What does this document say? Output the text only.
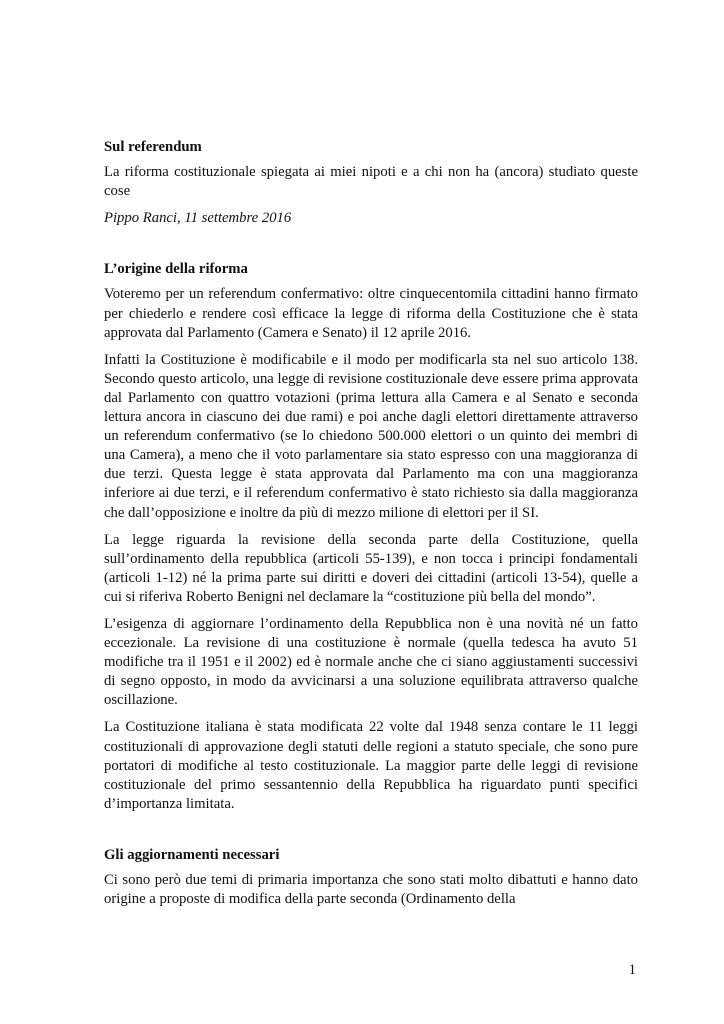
Sul referendum

La riforma costituzionale spiegata ai miei nipoti e a chi non ha (ancora) studiato queste cose

Pippo Ranci, 11 settembre 2016

L’origine della riforma

Voteremo per un referendum confermativo: oltre cinquecentomila cittadini hanno firmato per chiederlo e rendere così efficace la legge di riforma della Costituzione che è stata approvata dal Parlamento (Camera e Senato) il 12 aprile 2016.

Infatti la Costituzione è modificabile e il modo per modificarla sta nel suo articolo 138. Secondo questo articolo, una legge di revisione costituzionale deve essere prima approvata dal Parlamento con quattro votazioni (prima lettura alla Camera e al Senato e seconda lettura ancora in ciascuno dei due rami) e poi anche dagli elettori direttamente attraverso un referendum confermativo (se lo chiedono 500.000 elettori o un quinto dei membri di una Camera), a meno che il voto parlamentare sia stato espresso con una maggioranza di due terzi. Questa legge è stata approvata dal Parlamento ma con una maggioranza inferiore ai due terzi, e il referendum confermativo è stato richiesto sia dalla maggioranza che dall’opposizione e inoltre da più di mezzo milione di elettori per il SI.

La legge riguarda la revisione della seconda parte della Costituzione, quella sull’ordinamento della repubblica (articoli 55-139), e non tocca i principi fondamentali (articoli 1-12) né la prima parte sui diritti e doveri dei cittadini (articoli 13-54), quelle a cui si riferiva Roberto Benigni nel declamare la “costituzione più bella del mondo”.

L’esigenza di aggiornare l’ordinamento della Repubblica non è una novità né un fatto eccezionale. La revisione di una costituzione è normale (quella tedesca ha avuto 51 modifiche tra il 1951 e il 2002) ed è normale anche che ci siano aggiustamenti successivi di segno opposto, in modo da avvicinarsi a una soluzione equilibrata attraverso qualche oscillazione.

La Costituzione italiana è stata modificata 22 volte dal 1948 senza contare le 11 leggi costituzionali di approvazione degli statuti delle regioni a statuto speciale, che sono pure portatori di modifiche al testo costituzionale. La maggior parte delle leggi di revisione costituzionale del primo sessantennio della Repubblica ha riguardato punti specifici d’importanza limitata.

Gli aggiornamenti necessari

Ci sono però due temi di primaria importanza che sono stati molto dibattuti e hanno dato origine a proposte di modifica della parte seconda (Ordinamento della

1
